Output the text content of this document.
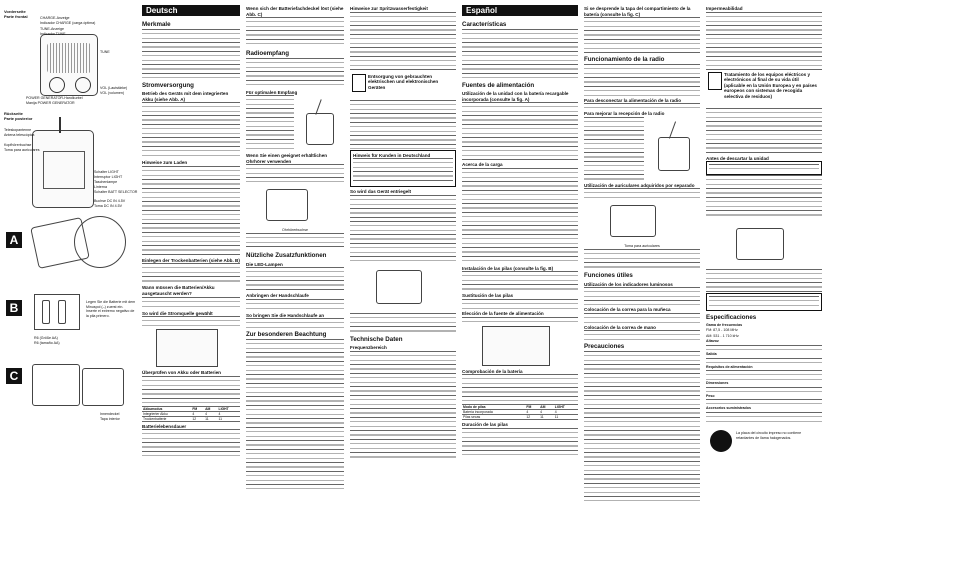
Vorderseite
Parte frontal	CHARGE-Anzeige
Indicador CHARGE (carga óptima)
TUNE-Anzeige
Indicador TUNE
TUNE
VOL (Lautstärke)
VOL (volumen)
POWER GENERATOR-Handkurbel
Manija POWER GENERATOR
Rückseite
Parte posterior
Teleskopantenne
Antena telescópica
Kopfhörerbuchse
Toma para auriculares
Schalter LIGHT
Interruptor LIGHT
Taschenlampe
Linterna
Schalter BATT SELECTOR
Buchse DC IN 4.5V
Toma DC IN 4.5V
A
B	Legen Sie die Batterie mit dem Minuspol (–) zuerst ein.
Inserte el extremo negativo de la pila primero.
R6 (Größe AA)
R6 (tamaño AA)
C
Innendeckel
Tapa interior
Deutsch
Merkmale
Stromversorgung
Betrieb des Geräts mit dem integrierten Akku (siehe Abb. A)
Hinweise zum Laden
Einlegen der Trockenbatterien (siehe Abb. B)
Wann müssen die Batterien/Akku ausgetauscht werden?
So wird die Stromquelle gewählt
Überprüfen von Akku oder Batterien
Akkumodus	FM	AM	LIGHT
Integrierter Akku	4	4	4
Trockenbatterie	12	11	11
Batterielebensdauer
Wenn sich der Batteriefachdeckel löst (siehe Abb. C)
Radioempfang
Für optimalen Empfang
Wenn Sie einen geeignet erhältlichen Ohrhörer verwenden
Ohrhörerbuchse
Nützliche Zusatzfunktionen
Die LED-Lampen
Anbringen der Handschlaufe
So bringen Sie die Handschlaufe an
Zur besonderen Beachtung
Hinweise zur Spritzwasserfestigkeit
Entsorgung von gebrauchten elektrischen und elektronischen Geräten
Hinweis für Kunden in Deutschland
So wird das Gerät entriegelt
Technische Daten
Frequenzbereich
Español
Características
Fuentes de alimentación
Utilización de la unidad con la batería recargable incorporada (consulte la fig. A)
Acerca de la carga
Instalación de las pilas (consulte la fig. B)
Sustitución de las pilas
Elección de la fuente de alimentación
Comprobación de la batería
Modo de pilas	FM	AM	LIGHT
Batería incorporada	4	4	4
Pilas secas	12	11	11
Duración de las pilas
Si se desprende la tapa del compartimiento de la batería (consulte la fig. C)
Funcionamiento de la radio
Para desconectar la alimentación de la radio
Para mejorar la recepción de la radio
Utilización de auriculares adquiridos por separado
Toma para auriculares
Funciones útiles
Utilización de los indicadores luminosos
Colocación de la correa para la muñeca
Colocación de la correa de mano
Precauciones
Impermeabilidad
Tratamiento de los equipos eléctricos y electrónicos al final de su vida útil (aplicable en la Unión Europea y en países europeos con sistemas de recogida selectiva de residuos)
Antes de descartar la unidad
Especificaciones
Gama de frecuencias
FM: 87,5 - 108 MHz
AM: 531 - 1 710 kHz
Altavoz
Salida
Requisitos de alimentación
Dimensiones
Peso
Accesorios suministrados
La placa del circuito impreso no contiene retardantes de llama halogenados.
